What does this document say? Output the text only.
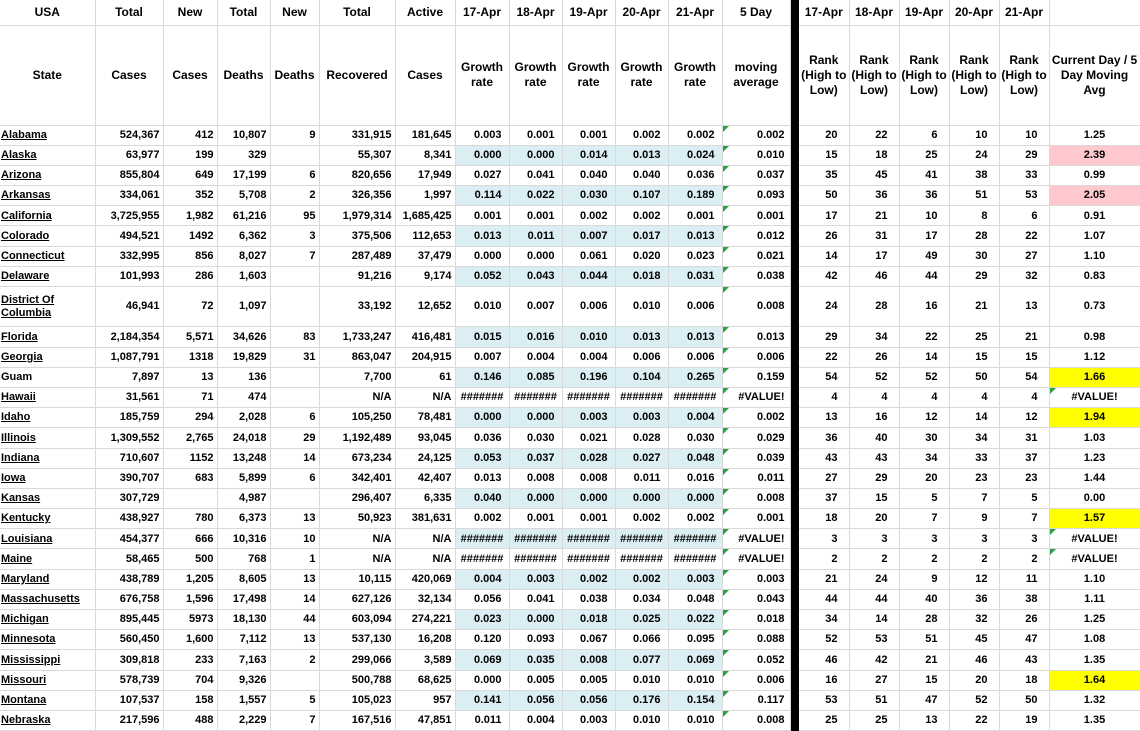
USA	Total	New	Total	New	Total	Active	17-Apr	18-Apr	19-Apr	20-Apr	21-Apr	5 Day		17-Apr	18-Apr	19-Apr	20-Apr	21-Apr	
State	Cases	Cases	Deaths	Deaths	Recovered	Cases	Growth rate	Growth rate	Growth rate	Growth rate	Growth rate	moving average		Rank (High to Low)	Rank (High to Low)	Rank (High to Low)	Rank (High to Low)	Rank (High to Low)	Current Day / 5 Day Moving Avg
Alabama	524,367	412	10,807	9	331,915	181,645	0.003	0.001	0.001	0.002	0.002	0.002		20	22	6	10	10	1.25
Alaska	63,977	199	329		55,307	8,341	0.000	0.000	0.014	0.013	0.024	0.010		15	18	25	24	29	2.39
Arizona	855,804	649	17,199	6	820,656	17,949	0.027	0.041	0.040	0.040	0.036	0.037		35	45	41	38	33	0.99
Arkansas	334,061	352	5,708	2	326,356	1,997	0.114	0.022	0.030	0.107	0.189	0.093		50	36	36	51	53	2.05
California	3,725,955	1,982	61,216	95	1,979,314	1,685,425	0.001	0.001	0.002	0.002	0.001	0.001		17	21	10	8	6	0.91
Colorado	494,521	1492	6,362	3	375,506	112,653	0.013	0.011	0.007	0.017	0.013	0.012		26	31	17	28	22	1.07
Connecticut	332,995	856	8,027	7	287,489	37,479	0.000	0.000	0.061	0.020	0.023	0.021		14	17	49	30	27	1.10
Delaware	101,993	286	1,603		91,216	9,174	0.052	0.043	0.044	0.018	0.031	0.038		42	46	44	29	32	0.83
District Of Columbia	46,941	72	1,097		33,192	12,652	0.010	0.007	0.006	0.010	0.006	0.008		24	28	16	21	13	0.73
Florida	2,184,354	5,571	34,626	83	1,733,247	416,481	0.015	0.016	0.010	0.013	0.013	0.013		29	34	22	25	21	0.98
Georgia	1,087,791	1318	19,829	31	863,047	204,915	0.007	0.004	0.004	0.006	0.006	0.006		22	26	14	15	15	1.12
Guam	7,897	13	136		7,700	61	0.146	0.085	0.196	0.104	0.265	0.159		54	52	52	50	54	1.66
Hawaii	31,561	71	474		N/A	N/A	#######	#######	#######	#######	#######	#VALUE!		4	4	4	4	4	#VALUE!
Idaho	185,759	294	2,028	6	105,250	78,481	0.000	0.000	0.003	0.003	0.004	0.002		13	16	12	14	12	1.94
Illinois	1,309,552	2,765	24,018	29	1,192,489	93,045	0.036	0.030	0.021	0.028	0.030	0.029		36	40	30	34	31	1.03
Indiana	710,607	1152	13,248	14	673,234	24,125	0.053	0.037	0.028	0.027	0.048	0.039		43	43	34	33	37	1.23
Iowa	390,707	683	5,899	6	342,401	42,407	0.013	0.008	0.008	0.011	0.016	0.011		27	29	20	23	23	1.44
Kansas	307,729		4,987		296,407	6,335	0.040	0.000	0.000	0.000	0.000	0.008		37	15	5	7	5	0.00
Kentucky	438,927	780	6,373	13	50,923	381,631	0.002	0.001	0.001	0.002	0.002	0.001		18	20	7	9	7	1.57
Louisiana	454,377	666	10,316	10	N/A	N/A	#######	#######	#######	#######	#######	#VALUE!		3	3	3	3	3	#VALUE!
Maine	58,465	500	768	1	N/A	N/A	#######	#######	#######	#######	#######	#VALUE!		2	2	2	2	2	#VALUE!
Maryland	438,789	1,205	8,605	13	10,115	420,069	0.004	0.003	0.002	0.002	0.003	0.003		21	24	9	12	11	1.10
Massachusetts	676,758	1,596	17,498	14	627,126	32,134	0.056	0.041	0.038	0.034	0.048	0.043		44	44	40	36	38	1.11
Michigan	895,445	5973	18,130	44	603,094	274,221	0.023	0.000	0.018	0.025	0.022	0.018		34	14	28	32	26	1.25
Minnesota	560,450	1,600	7,112	13	537,130	16,208	0.120	0.093	0.067	0.066	0.095	0.088		52	53	51	45	47	1.08
Mississippi	309,818	233	7,163	2	299,066	3,589	0.069	0.035	0.008	0.077	0.069	0.052		46	42	21	46	43	1.35
Missouri	578,739	704	9,326		500,788	68,625	0.000	0.005	0.005	0.010	0.010	0.006		16	27	15	20	18	1.64
Montana	107,537	158	1,557	5	105,023	957	0.141	0.056	0.056	0.176	0.154	0.117		53	51	47	52	50	1.32
Nebraska	217,596	488	2,229	7	167,516	47,851	0.011	0.004	0.003	0.010	0.010	0.008		25	25	13	22	19	1.35
